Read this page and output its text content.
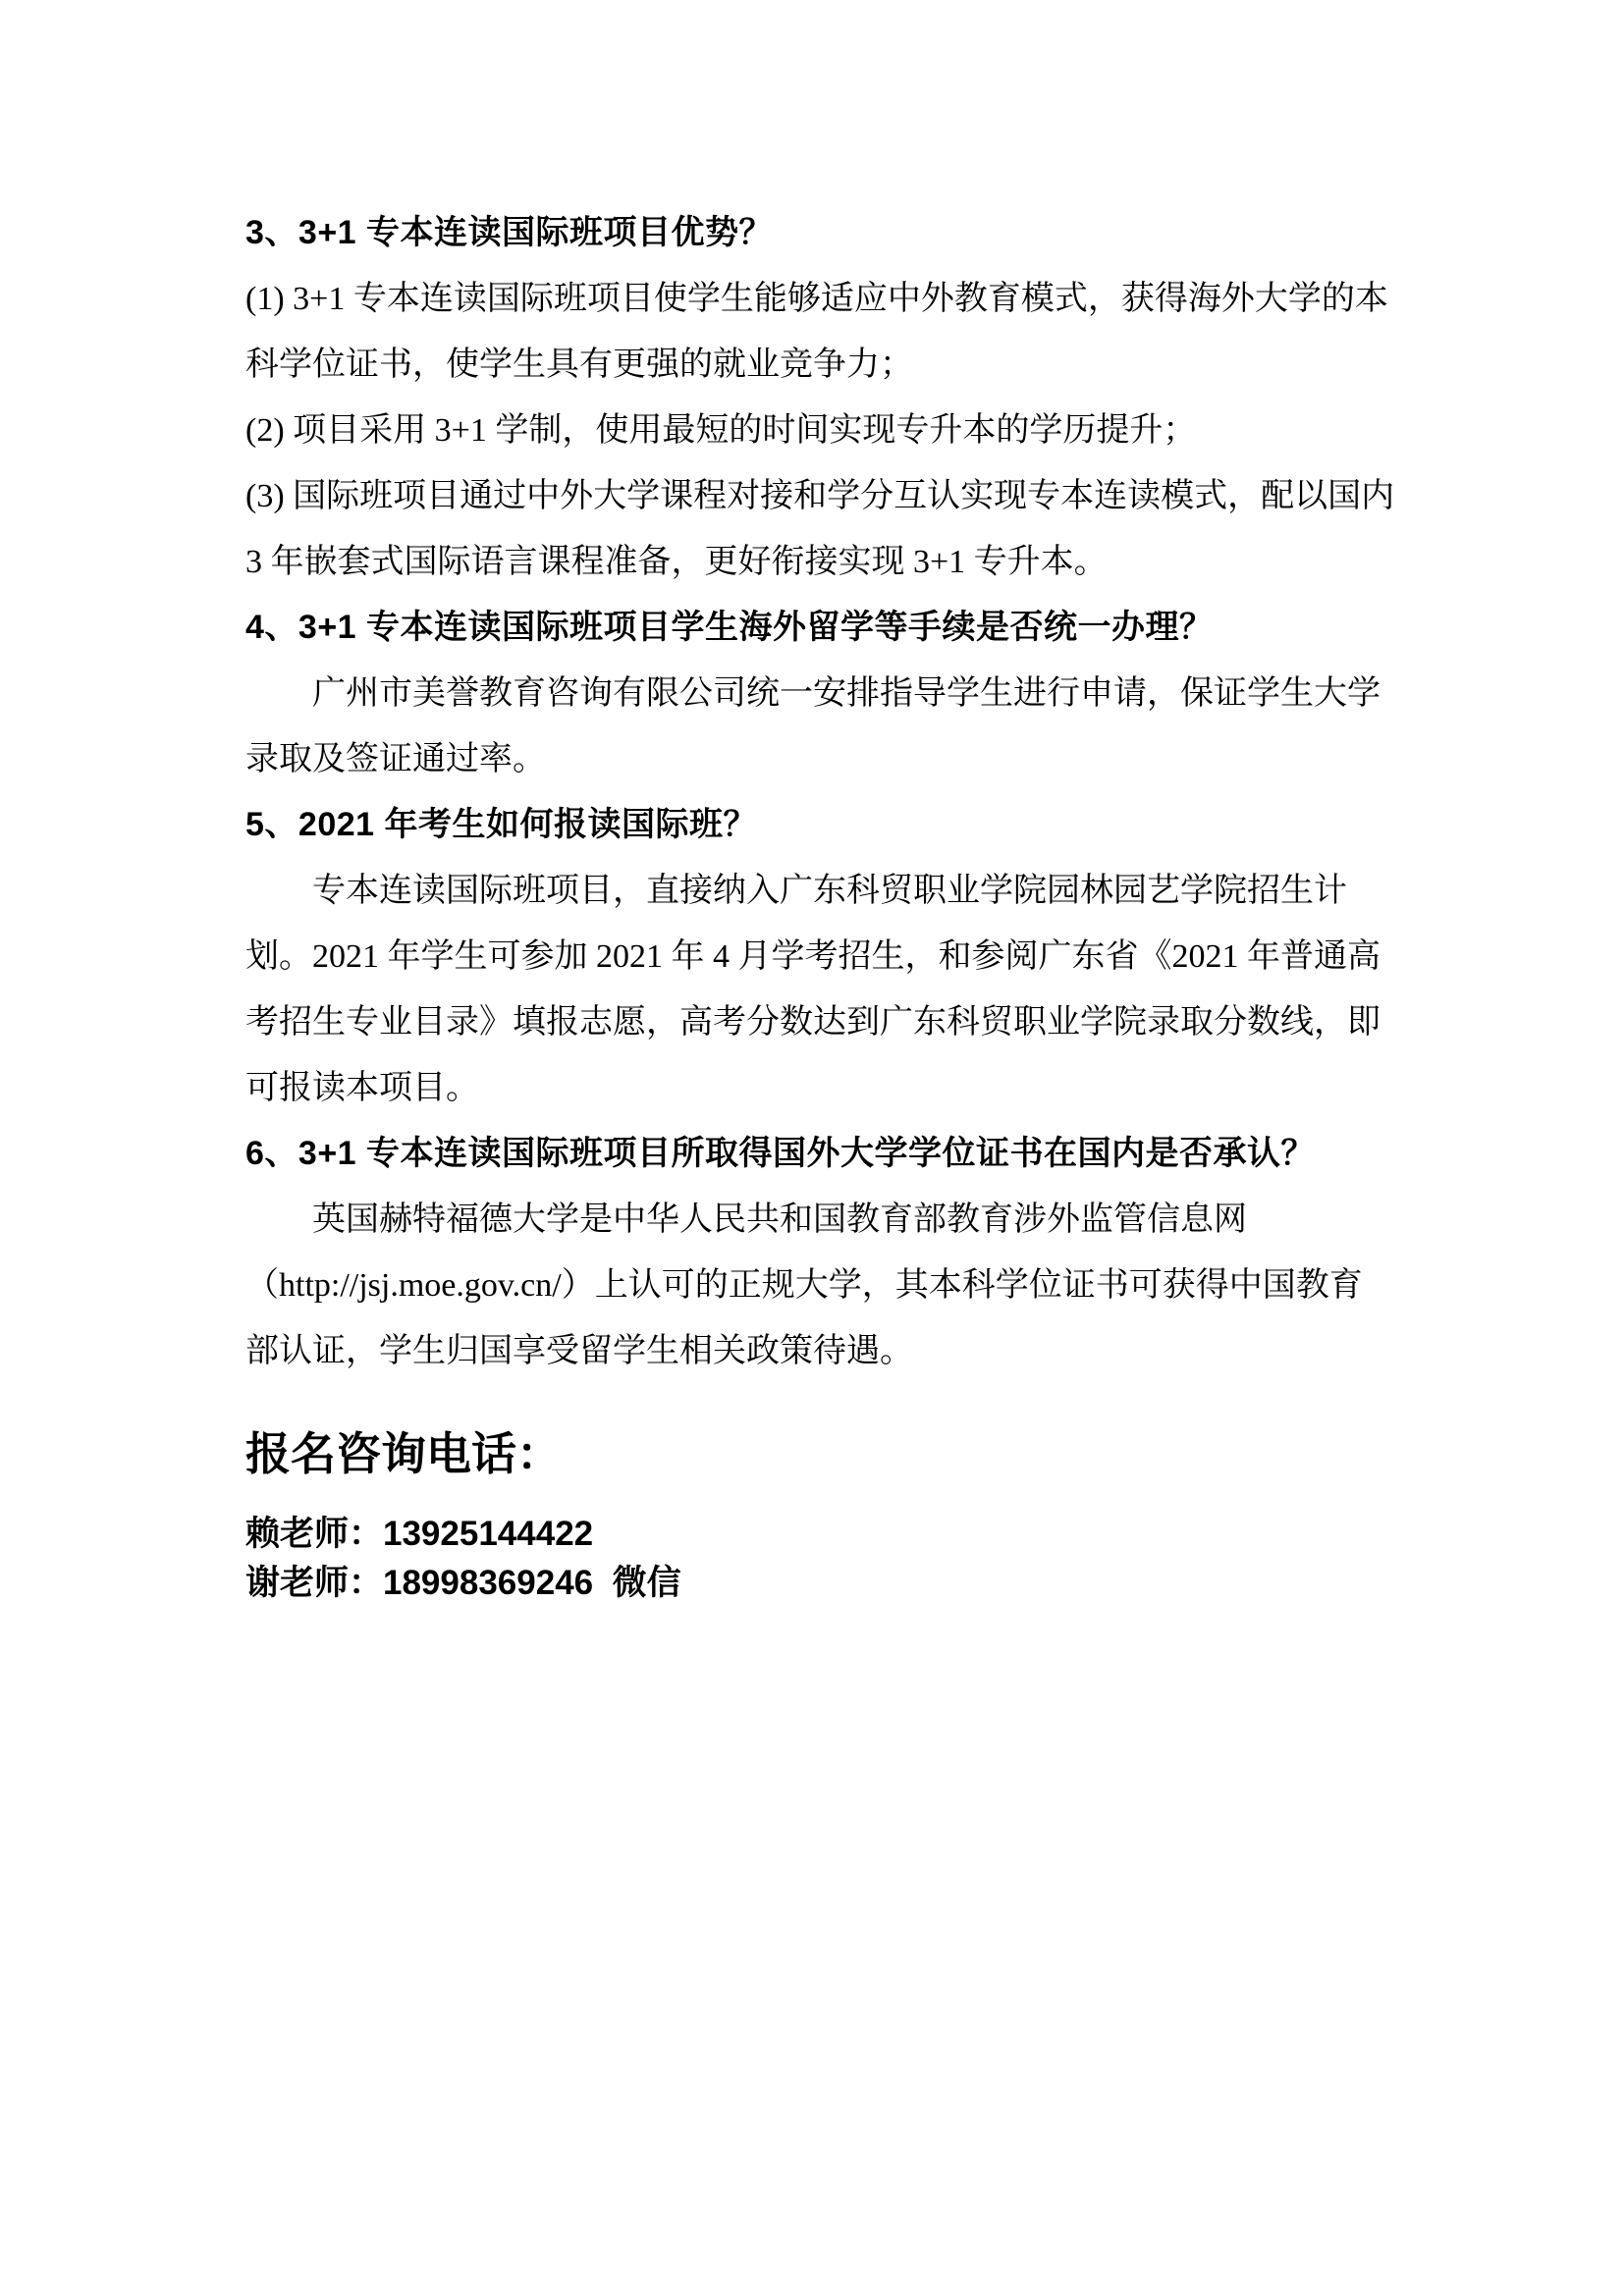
3、3+1 专本连读国际班项目优势？
(1) 3+1 专本连读国际班项目使学生能够适应中外教育模式，获得海外大学的本
科学位证书，使学生具有更强的就业竞争力；
(2) 项目采用 3+1 学制，使用最短的时间实现专升本的学历提升；
(3) 国际班项目通过中外大学课程对接和学分互认实现专本连读模式，配以国内
3 年嵌套式国际语言课程准备，更好衔接实现 3+1 专升本。
4、3+1 专本连读国际班项目学生海外留学等手续是否统一办理？
广州市美誉教育咨询有限公司统一安排指导学生进行申请，保证学生大学
录取及签证通过率。
5、2021 年考生如何报读国际班？
专本连读国际班项目，直接纳入广东科贸职业学院园林园艺学院招生计
划。2021 年学生可参加 2021 年 4 月学考招生，和参阅广东省《2021 年普通高
考招生专业目录》填报志愿，高考分数达到广东科贸职业学院录取分数线，即
可报读本项目。
6、3+1 专本连读国际班项目所取得国外大学学位证书在国内是否承认？
英国赫特福德大学是中华人民共和国教育部教育涉外监管信息网
（http://jsj.moe.gov.cn/）上认可的正规大学，其本科学位证书可获得中国教育
部认证，学生归国享受留学生相关政策待遇。
报名咨询电话：
赖老师：13925144422
谢老师：18998369246  微信
